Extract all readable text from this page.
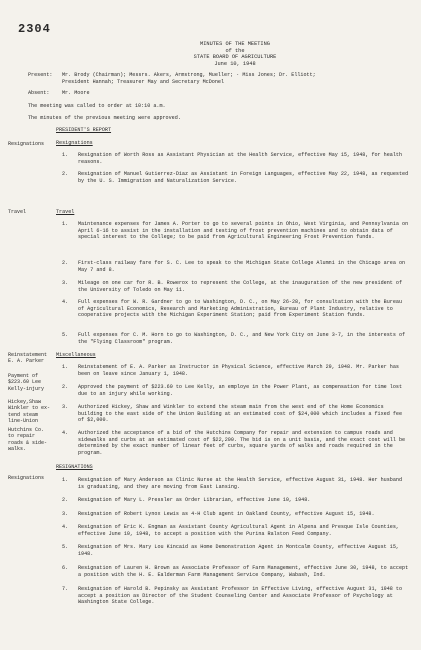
2304
MINUTES OF THE MEETING
of the
STATE BOARD OF AGRICULTURE
June 10, 1948
Present: Mr. Brody (Chairman); Messrs. Akers, Armstrong, Mueller; · Miss Jones; Dr. Elliott;
President Hannah; Treasurer May and Secretary McDonel
Absent: Mr. Moore
The meeting was called to order at 10:10 a.m.
The minutes of the previous meeting were approved.
PRESIDENT'S REPORT
Resignations
Travel
Reinstatement
E. A. Parker
Payment of
$223.60 Lee
Kelly-injury
Hickey,Shaw
Winkler to ex-
tend steam
line-Union
Hutchins Co.
to repair
roads & side-
walks.
Resignations
Resignations
1.	Resignation of Worth Ross as Assistant Physician at the Health Service, effective May 15, 1948, for health reasons.
2.	Resignation of Manuel Gutierrez-Diaz as Assistant in Foreign Languages, effective May 22, 1948, as requested by the U. S. Immigration and Naturalization Service.
Travel
1.	Maintenance expenses for James A. Porter to go to several points in Ohio, West Virginia, and Pennsylvania on April 6-16 to assist in the installation and testing of frost prevention machines and to obtain data of special interest to the College; to be paid from Agricultural Engineering Frost Prevention funds.
2.	First-class railway fare for S. C. Lee to speak to the Michigan State College Alumni in the Chicago area on May 7 and 8.
3.	Mileage on one car for R. B. Rowerox to represent the College, at the inauguration of the new president of the University of Toledo on May 11.
4.	Full expenses for W. R. Gardner to go to Washington, D. C., on May 26-28, for consultation with the Bureau of Agricultural Economics, Research and Marketing Administration, Bureau of Plant Industry, relative to cooperative projects with the Michigan Experiment Station; paid from Experiment Station funds.
5.	Full expenses for C. M. Horn to go to Washington, D. C., and New York City on June 3-7, in the interests of the "Flying Classroom" program.
Miscellaneous
1.	Reinstatement of E. A. Parker as Instructor in Physical Science, effective March 29, 1948. Mr. Parker has been on leave since January 1, 1948.
2.	Approved the payment of $223.60 to Lee Kelly, an employe in the Power Plant, as compensation for time lost due to an injury while working.
3.	Authorized Hickey, Shaw and Winkler to extend the steam main from the west end of the Home Economics building to the east side of the Union Building at an estimated cost of $24,000 which includes a fixed fee of $2,000.
4.	Authorized the acceptance of a bid of the Hutchins Company for repair and extension to campus roads and sidewalks and curbs at an estimated cost of $22,200. The bid is on a unit basis, and the exact cost will be determined by the exact number of linear feet of curbs, square yards of walks and roads required in the program.
RESIGNATIONS
1.	Resignation of Mary Anderson as Clinic Nurse at the Health Service, effective August 31, 1948. Her husband is graduating, and they are moving from East Lansing.
2.	Resignation of Mary L. Pressler as Order Librarian, effective June 10, 1948.
3.	Resignation of Robert Lynox Lewis as 4-H Club agent in Oakland County, effective August 15, 1948.
4.	Resignation of Eric K. Engman as Assistant County Agricultural Agent in Alpena and Presque Isle Counties, effective June 10, 1948, to accept a position with the Purina Ralston Feed Company.
5.	Resignation of Mrs. Mary Lou Kincaid as Home Demonstration Agent in Montcalm County, effective August 15, 1948.
6.	Resignation of Lauren H. Brown as Associate Professor of Farm Management, effective June 30, 1948, to accept a position with the H. E. Ealderman Farm Management Service Company, Wabash, Ind.
7.	Resignation of Harold B. Pepinsky as Assistant Professor in Effective Living, effective August 31, 1948 to accept a position as Director of the Student Counseling Center and Associate Professor of Psychology at Washington State College.
